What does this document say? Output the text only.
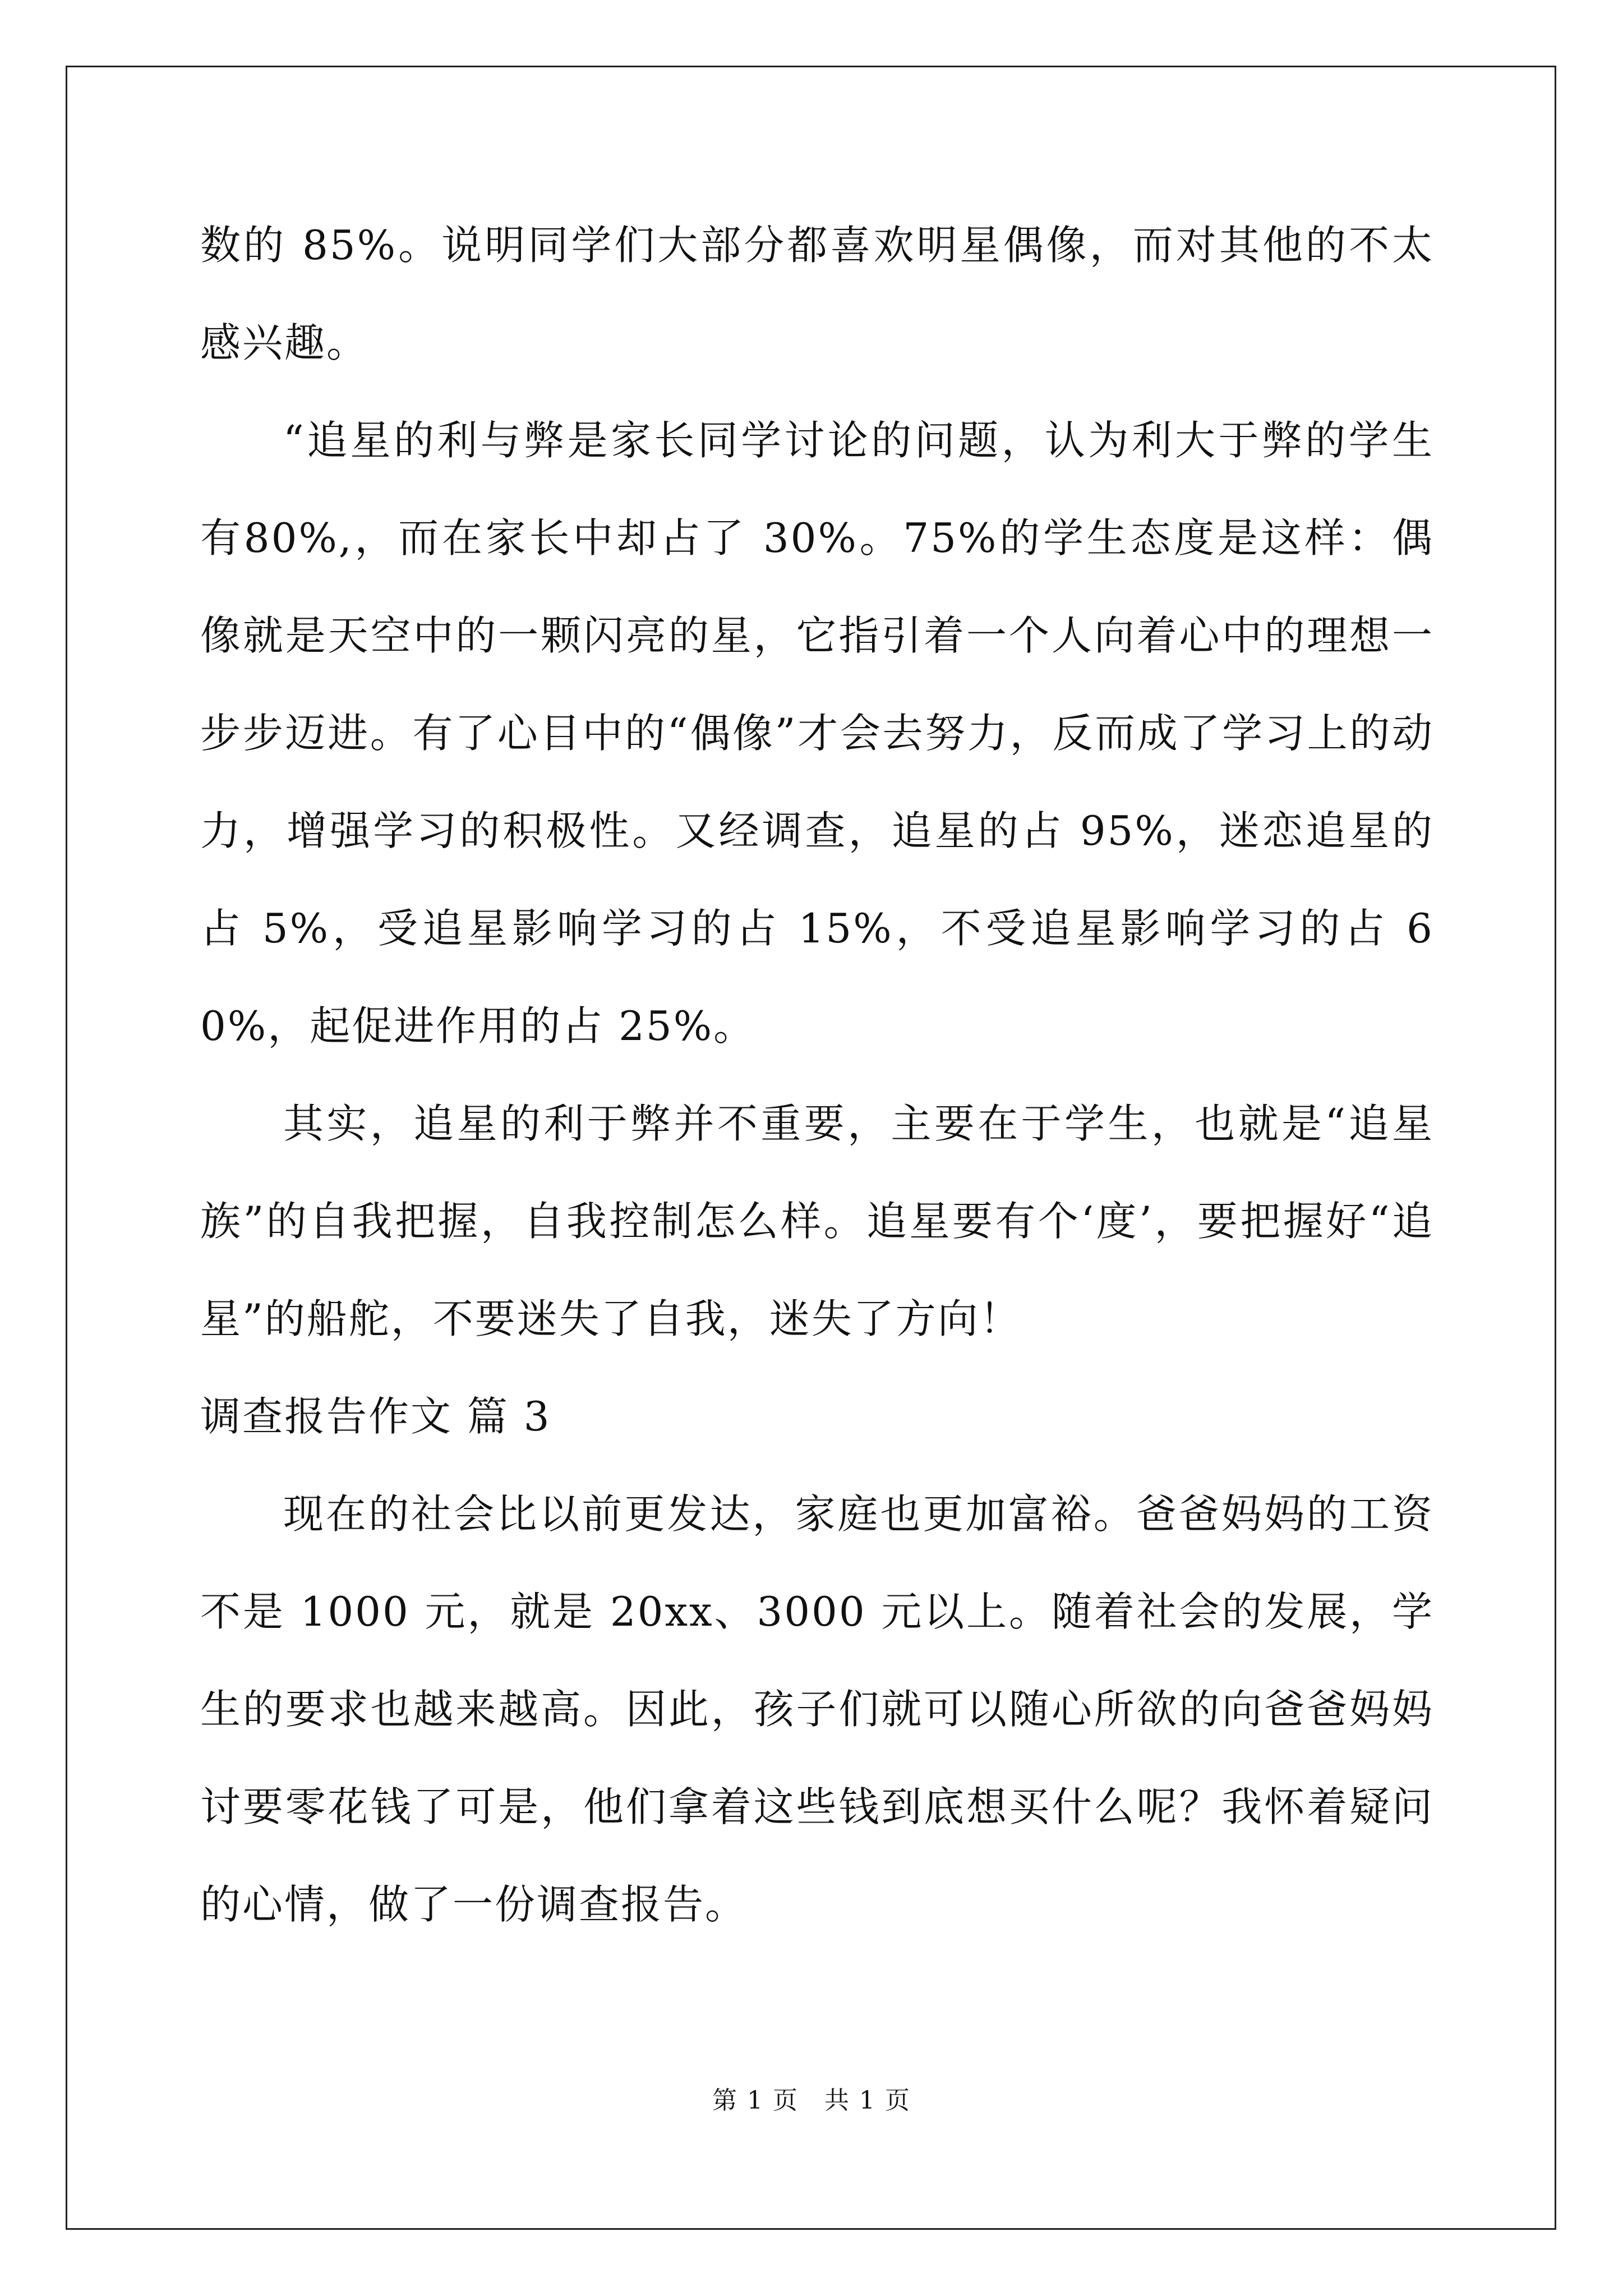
数的 85%。说明同学们大部分都喜欢明星偶像，而对其他的不太感兴趣。

“追星的利与弊是家长同学讨论的问题，认为利大于弊的学生有80%,，而在家长中却占了 30%。75%的学生态度是这样：偶像就是天空中的一颗闪亮的星，它指引着一个人向着心中的理想一步步迈进。有了心目中的“偶像”才会去努力，反而成了学习上的动力，增强学习的积极性。又经调查，追星的占 95%，迷恋追星的占 5%，受追星影响学习的占 15%，不受追星影响学习的占 60%，起促进作用的占 25%。

其实，追星的利于弊并不重要，主要在于学生，也就是“追星族”的自我把握，自我控制怎么样。追星要有个‘度’，要把握好“追星”的船舵，不要迷失了自我，迷失了方向！

调查报告作文 篇 3

现在的社会比以前更发达，家庭也更加富裕。爸爸妈妈的工资不是 1000 元，就是 20xx、3000 元以上。随着社会的发展，学生的要求也越来越高。因此，孩子们就可以随心所欲的向爸爸妈妈讨要零花钱了可是，他们拿着这些钱到底想买什么呢？我怀着疑问的心情，做了一份调查报告。

第 1 页　共 1 页
